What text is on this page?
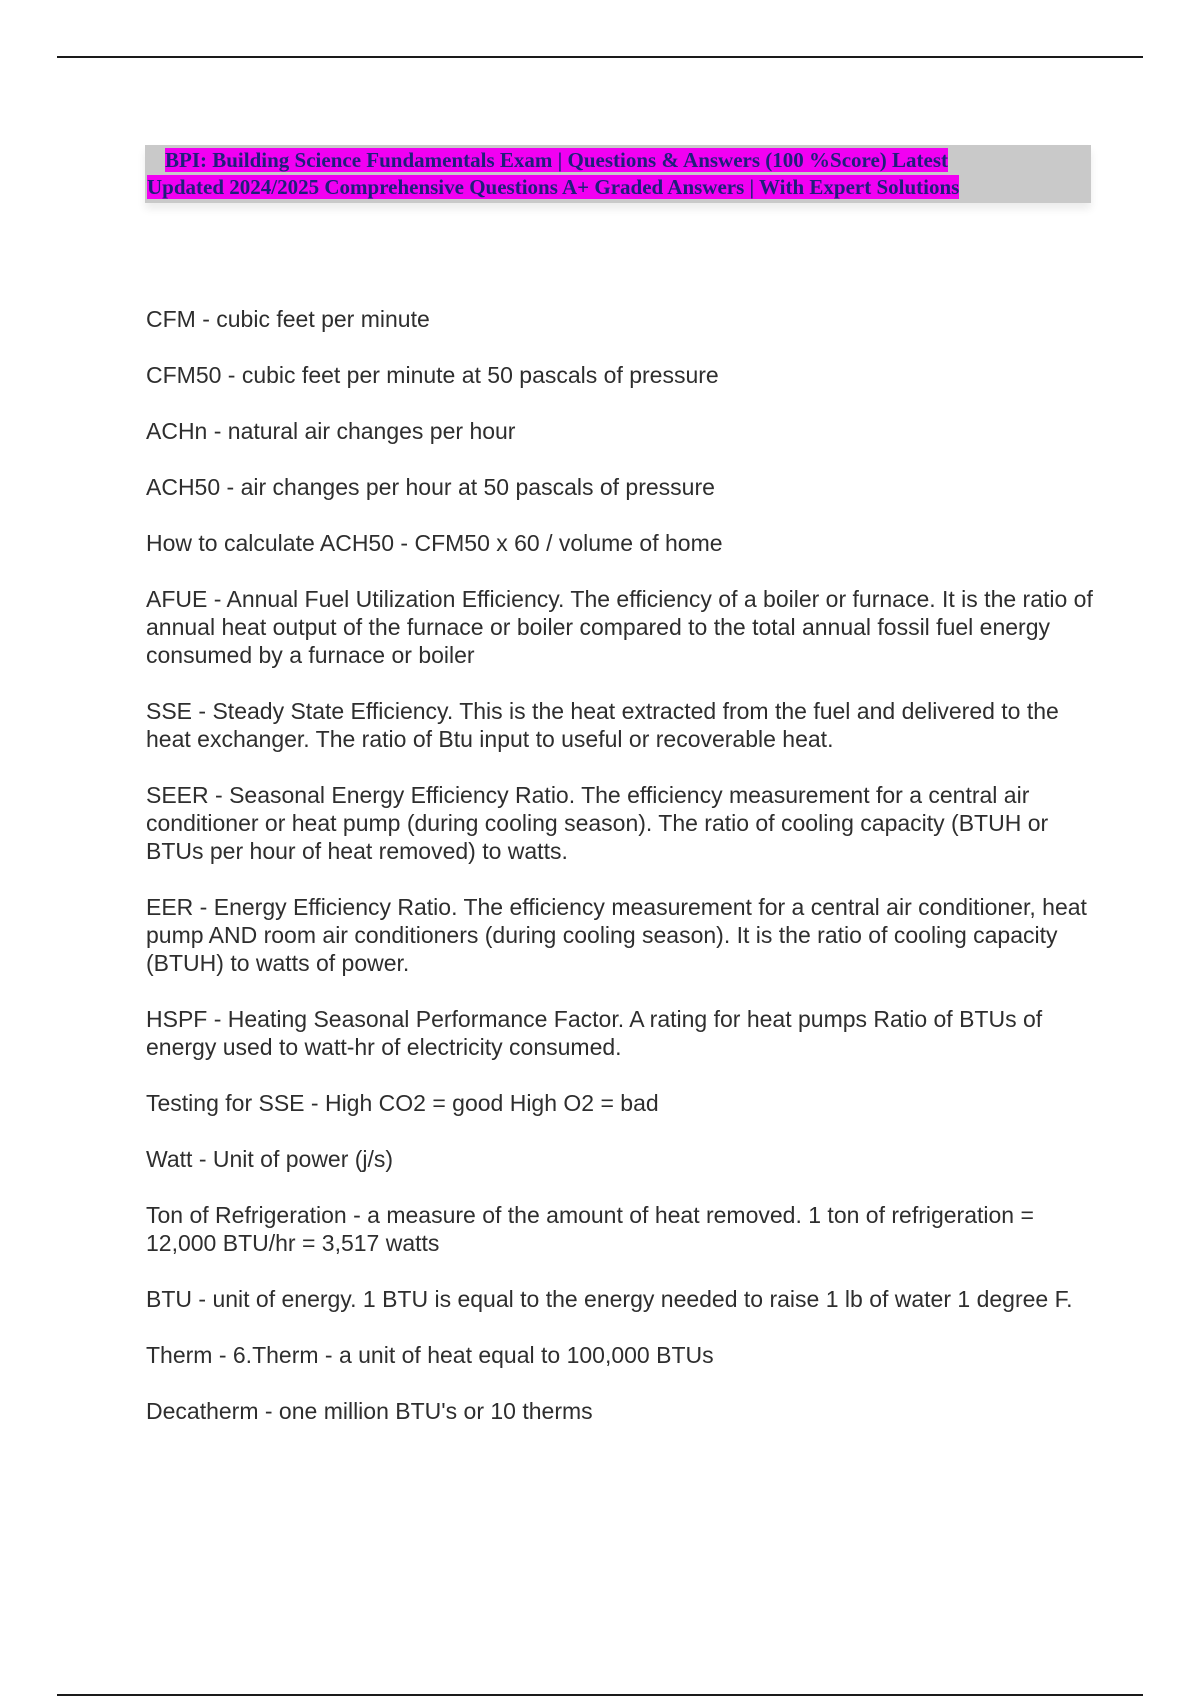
BPI: Building Science Fundamentals Exam | Questions & Answers (100 %Score) Latest
Updated 2024/2025 Comprehensive Questions A+ Graded Answers | With Expert Solutions
CFM - cubic feet per minute
CFM50 - cubic feet per minute at 50 pascals of pressure
ACHn - natural air changes per hour
ACH50 - air changes per hour at 50 pascals of pressure
How to calculate ACH50 - CFM50 x 60 / volume of home
AFUE - Annual Fuel Utilization Efficiency. The efficiency of a boiler or furnace. It is the ratio of annual heat output of the furnace or boiler compared to the total annual fossil fuel energy consumed by a furnace or boiler
SSE - Steady State Efficiency. This is the heat extracted from the fuel and delivered to the heat exchanger. The ratio of Btu input to useful or recoverable heat.
SEER - Seasonal Energy Efficiency Ratio. The efficiency measurement for a central air conditioner or heat pump (during cooling season). The ratio of cooling capacity (BTUH or BTUs per hour of heat removed) to watts.
EER - Energy Efficiency Ratio. The efficiency measurement for a central air conditioner, heat pump AND room air conditioners (during cooling season). It is the ratio of cooling capacity (BTUH) to watts of power.
HSPF - Heating Seasonal Performance Factor. A rating for heat pumps Ratio of BTUs of energy used to watt-hr of electricity consumed.
Testing for SSE - High CO2 = good High O2 = bad
Watt - Unit of power (j/s)
Ton of Refrigeration - a measure of the amount of heat removed. 1 ton of refrigeration = 12,000 BTU/hr = 3,517 watts
BTU - unit of energy. 1 BTU is equal to the energy needed to raise 1 lb of water 1 degree F.
Therm - 6.Therm - a unit of heat equal to 100,000 BTUs
Decatherm - one million BTU's or 10 therms
